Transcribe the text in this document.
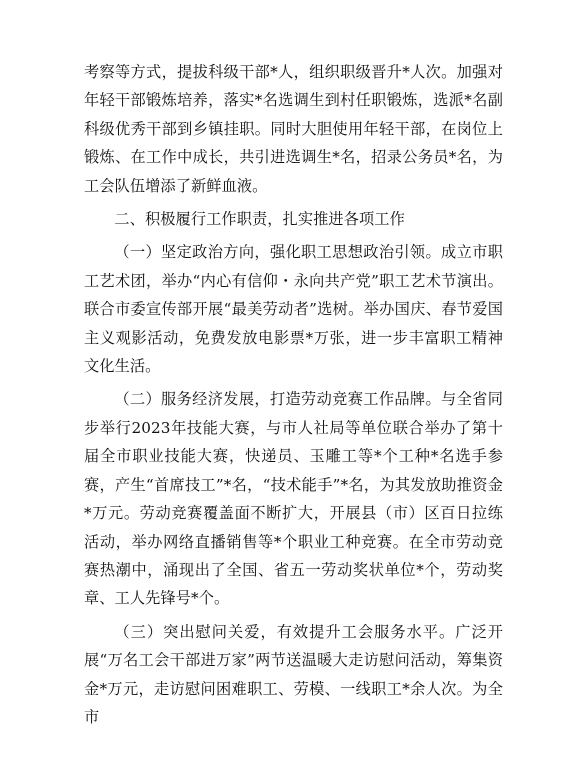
考察等方式，提拔科级干部*人，组织职级晋升*人次。加强对年轻干部锻炼培养，落实*名选调生到村任职锻炼，选派*名副科级优秀干部到乡镇挂职。同时大胆使用年轻干部，在岗位上锻炼、在工作中成长，共引进选调生*名，招录公务员*名，为工会队伍增添了新鲜血液。

二、积极履行工作职责，扎实推进各项工作

（一）坚定政治方向，强化职工思想政治引领。成立市职工艺术团，举办“内心有信仰・永向共产党”职工艺术节演出。联合市委宣传部开展“最美劳动者”选树。举办国庆、春节爱国主义观影活动，免费发放电影票*万张，进一步丰富职工精神文化生活。

（二）服务经济发展，打造劳动竞赛工作品牌。与全省同步举行2023年技能大赛，与市人社局等单位联合举办了第十届全市职业技能大赛，快递员、玉雕工等*个工种*名选手参赛，产生“首席技工”*名，“技术能手”*名，为其发放助推资金*万元。劳动竞赛覆盖面不断扩大，开展县（市）区百日拉练活动，举办网络直播销售等*个职业工种竞赛。在全市劳动竞赛热潮中，涌现出了全国、省五一劳动奖状单位*个，劳动奖章、工人先锋号*个。

（三）突出慰问关爱，有效提升工会服务水平。广泛开展“万名工会干部进万家”两节送温暖大走访慰问活动，筹集资金*万元，走访慰问困难职工、劳模、一线职工*余人次。为全市
